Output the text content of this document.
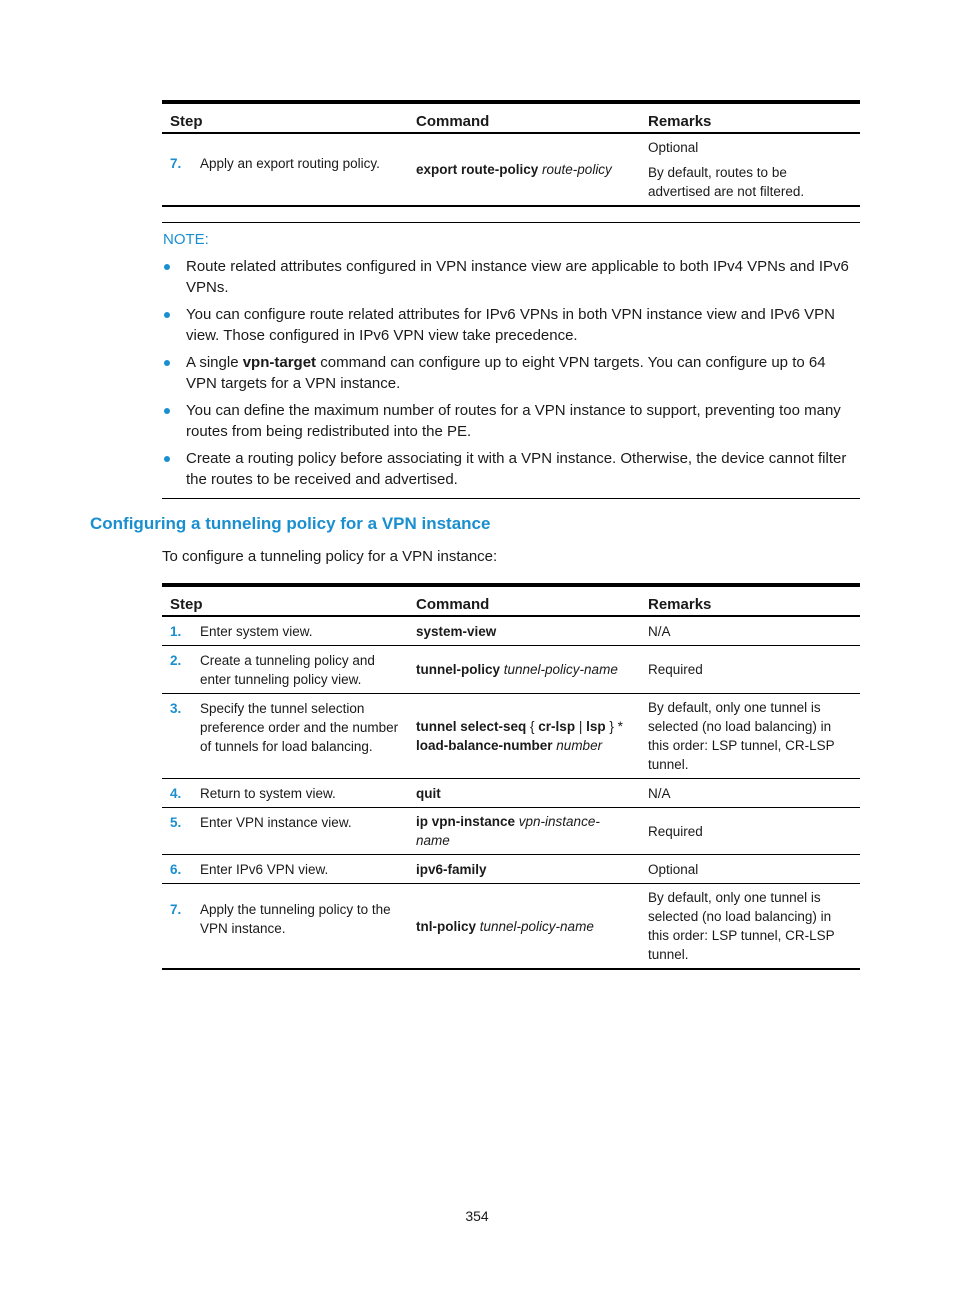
Step		Command	Remarks
7.	Apply an export routing policy.	export route-policy route-policy	Optional

By default, routes to be advertised are not filtered.

NOTE:

Route related attributes configured in VPN instance view are applicable to both IPv4 VPNs and IPv6 VPNs.
You can configure route related attributes for IPv6 VPNs in both VPN instance view and IPv6 VPN view. Those configured in IPv6 VPN view take precedence.
A single vpn-target command can configure up to eight VPN targets. You can configure up to 64 VPN targets for a VPN instance.
You can define the maximum number of routes for a VPN instance to support, preventing too many routes from being redistributed into the PE.
Create a routing policy before associating it with a VPN instance. Otherwise, the device cannot filter the routes to be received and advertised.
Configuring a tunneling policy for a VPN instance

To configure a tunneling policy for a VPN instance:

Step		Command	Remarks
1.	Enter system view.	system-view	N/A
2.	Create a tunneling policy and enter tunneling policy view.	tunnel-policy tunnel-policy-name	Required
3.	Specify the tunnel selection preference order and the number of tunnels for load balancing.	tunnel select-seq { cr-lsp | lsp } * load-balance-number number	By default, only one tunnel is selected (no load balancing) in this order: LSP tunnel, CR-LSP tunnel.
4.	Return to system view.	quit	N/A
5.	Enter VPN instance view.	ip vpn-instance vpn-instance-name	Required
6.	Enter IPv6 VPN view.	ipv6-family	Optional
7.	Apply the tunneling policy to the VPN instance.	tnl-policy tunnel-policy-name	By default, only one tunnel is selected (no load balancing) in this order: LSP tunnel, CR-LSP tunnel.
354
